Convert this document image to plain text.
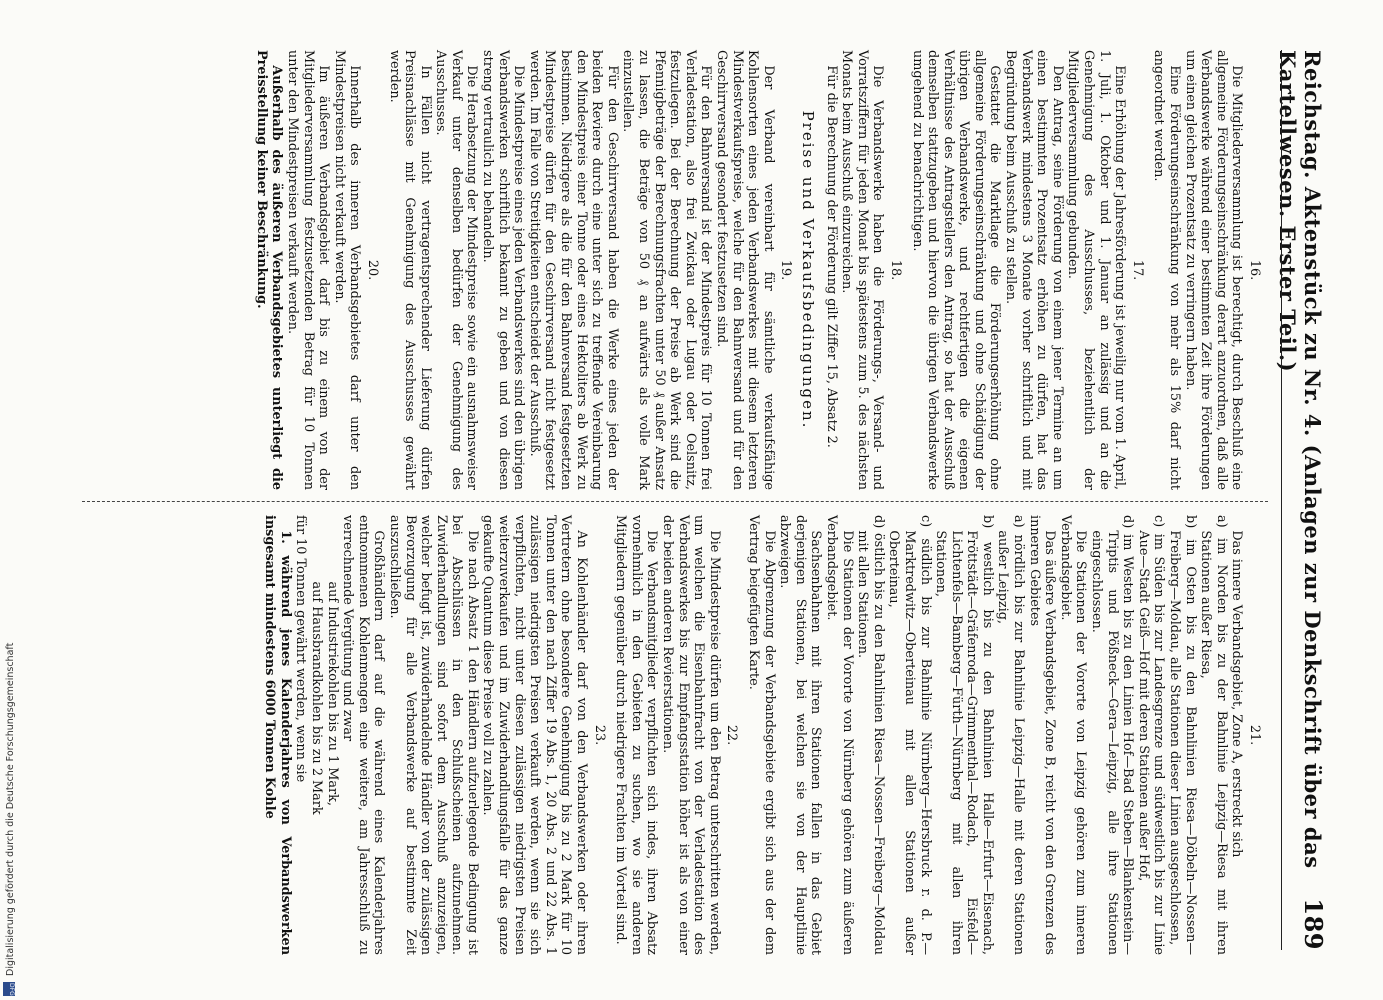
Reichstag. Aktenstück zu Nr. 4. (Anlagen zur Denkschrift über das Kartellwesen. Erster Teil.)
189
16.

Die Mitgliederversammlung ist berechtigt, durch Beschluß eine allgemeine Förderungseinschränkung derart anzuordnen, daß alle Verbandswerke während einer bestimmten Zeit ihre Förderungen um einen gleichen Prozentsatz zu verringern haben.

Eine Förderungseinschränkung von mehr als 15% darf nicht angeordnet werden.

17.

Eine Erhöhung der Jahresförderung ist jeweilig nur vom 1. April, 1. Juli, 1. Oktober und 1. Januar an zulässig und an die Genehmigung des Ausschusses, beziehentlich der Mitgliederversammlung gebunden.

Den Antrag, seine Förderung von einem jener Termine an um einen bestimmten Prozentsatz erhöhen zu dürfen, hat das Verbandswerk mindestens 3 Monate vorher schriftlich und mit Begründung beim Ausschuß zu stellen.

Gestattet die Marktlage die Förderungserhöhung ohne allgemeine Förderungseinschränkung und ohne Schädigung der übrigen Verbandswerke, und rechtfertigen die eigenen Verhältnisse des Antragstellers den Antrag, so hat der Ausschuß demselben stattzugeben und hiervon die übrigen Verbandswerke umgehend zu benachrichtigen.

18.

Die Verbandswerke haben die Förderungs-, Versand- und Vorratsziffern für jeden Monat bis spätestens zum 5. des nächsten Monats beim Ausschuß einzureichen.

Für die Berechnung der Förderung gilt Ziffer 15, Absatz 2.

Preise und Verkaufsbedingungen.
19.

Der Verband vereinbart für sämtliche verkaufsfähige Kohlensorten eines jeden Verbandswerkes mit diesem letzteren Mindestverkaufspreise, welche für den Bahnversand und für den Geschirrversand gesondert festzusetzen sind.

Für den Bahnversand ist der Mindestpreis für 10 Tonnen frei Verladestation, also frei Zwickau oder Lugau oder Oelsnitz, festzulegen. Bei der Berechnung der Preise ab Werk sind die Pfennigbeträge der Berechnungsfrachten unter 50 ₰ außer Ansatz zu lassen, die Beträge von 50 ₰ an aufwärts als volle Mark einzustellen.

Für den Geschirrversand haben die Werke eines jeden der beiden Reviere durch eine unter sich zu treffende Vereinbarung den Mindestpreis einer Tonne oder eines Hektoliters ab Werk zu bestimmen. Niedrigere als die für den Bahnversand festgesetzten Mindestpreise dürfen für den Geschirrversand nicht festgesetzt werden. Im Falle von Streitigkeiten entscheidet der Ausschuß.

Die Mindestpreise eines jeden Verbandswerkes sind den übrigen Verbandswerken schriftlich bekannt zu geben und von diesen streng vertraulich zu behandeln.

Die Herabsetzung der Mindestpreise sowie ein ausnahmsweiser Verkauf unter denselben bedürfen der Genehmigung des Ausschusses.

In Fällen nicht vertragentsprechender Lieferung dürfen Preisnachlässe mit Genehmigung des Ausschusses gewährt werden.

20.

Innerhalb des inneren Verbandsgebietes darf unter den Mindestpreisen nicht verkauft werden.

Im äußeren Verbandsgebiet darf bis zu einem von der Mitgliederversammlung festzusetzenden Betrag für 10 Tonnen unter den Mindestpreisen verkauft werden.

Außerhalb des äußeren Verbandsgebietes unterliegt die Preisstellung keiner Beschränkung.

21.

Das innere Verbandsgebiet, Zone A, erstreckt sich

a) im Norden bis zu der Bahnlinie Leipzig—Riesa mit ihren Stationen außer Riesa,

b) im Osten bis zu den Bahnlinien Riesa—Döbeln—Nossen—Freiberg—Moldau, alle Stationen dieser Linien ausgeschlossen,

c) im Süden bis zur Landesgrenze und südwestlich bis zur Linie Aue—Stadt Geiß—Hof mit deren Stationen außer Hof,

d) im Westen bis zu den Linien Hof—Bad Steben—Blankenstein—Triptis und Pößneck—Gera—Leipzig, alle ihre Stationen eingeschlossen.

Die Stationen der Vororte von Leipzig gehören zum inneren Verbandsgebiet.

Das äußere Verbandsgebiet, Zone B, reicht von den Grenzen des inneren Gebietes

a) nördlich bis zur Bahnlinie Leipzig—Halle mit deren Stationen außer Leipzig,

b) westlich bis zu den Bahnlinien Halle—Erfurt—Eisenach, Fröttstädt—Gräfenroda—Grimmenthal—Rodach, Eisfeld—Lichtenfels—Bamberg—Fürth—Nürnberg mit allen ihren Stationen,

c) südlich bis zur Bahnlinie Nürnberg—Hersbruck r. d. P.—Marktredwitz—Oberteinau mit allen Stationen außer Oberteinau,

d) östlich bis zu den Bahnlinien Riesa—Nossen—Freiberg—Moldau mit allen Stationen.

Die Stationen der Vororte von Nürnberg gehören zum äußeren Verbandsgebiet.

Sachsenbahnen mit ihren Stationen fallen in das Gebiet derjenigen Stationen, bei welchen sie von der Hauptlinie abzweigen.

Die Abgrenzung der Verbandsgebiete ergibt sich aus der dem Vertrag beigefügten Karte.

22.

Die Mindestpreise dürfen um den Betrag unterschritten werden, um welchen die Eisenbahnfracht von der Verladestation des Verbandswerkes bis zur Empfangsstation höher ist als von einer der beiden anderen Revierstationen.

Die Verbandsmitglieder verpflichten sich indes, ihren Absatz vornehmlich in den Gebieten zu suchen, wo sie anderen Mitgliedern gegenüber durch niedrigere Frachten im Vorteil sind.

23.

An Kohlenhändler darf von den Verbandswerken oder ihren Vertretern ohne besondere Genehmigung bis zu 2 Mark für 10 Tonnen unter den nach Ziffer 19 Abs. 1, 20 Abs. 2 und 22 Abs. 1 zulässigen niedrigsten Preisen verkauft werden, wenn sie sich verpflichten, nicht unter diesen zulässigen niedrigsten Preisen weiterzuverkaufen und im Zuwiderhandlungsfalle für das ganze gekaufte Quantum diese Preise voll zu zahlen.

Die nach Absatz 1 den Händlern aufzuerlegende Bedingung ist bei Abschlüssen in den Schlußscheinen aufzunehmen. Zuwiderhandlungen sind sofort dem Ausschuß anzuzeigen, welcher befugt ist, zuwiderhandelnde Händler von der zulässigen Bevorzugung für alle Verbandswerke auf bestimmte Zeit auszuschließen.

Großhändlern darf auf die während eines Kalenderjahres entnommenen Kohlenmengen eine weitere, am Jahresschluß zu verrechnende Vergütung und zwar

auf Industriekohlen bis zu 1 Mark,

auf Hausbrandkohlen bis zu 2 Mark

für 10 Tonnen gewährt werden, wenn sie

1. während jenes Kalenderjahres von Verbandswerken insgesamt mindestens 6000 Tonnen Kohle

Digitalisierung gefördert durch die Deutsche Forschungsgemeinschaft
DFG
